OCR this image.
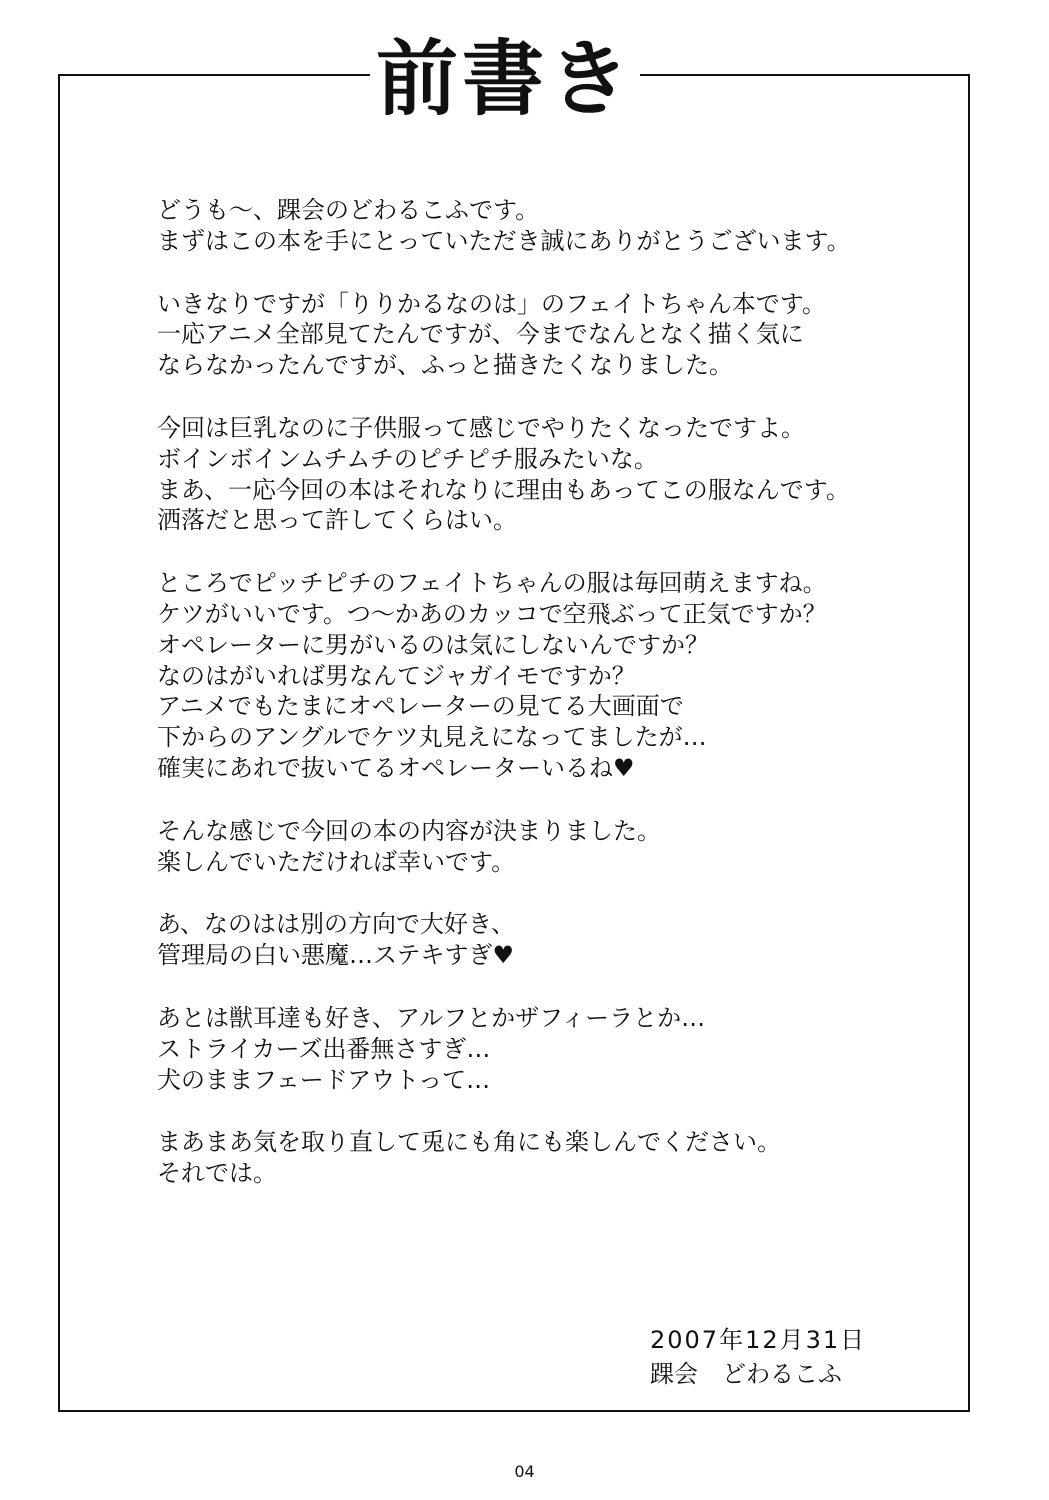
前書き
どうも〜、踝会のどわるこふです。
まずはこの本を手にとっていただき誠にありがとうございます。
いきなりですが「りりかるなのは」のフェイトちゃん本です。
一応アニメ全部見てたんですが、今までなんとなく描く気に
ならなかったんですが、ふっと描きたくなりました。
今回は巨乳なのに子供服って感じでやりたくなったですよ。
ボインボインムチムチのピチピチ服みたいな。
まあ、一応今回の本はそれなりに理由もあってこの服なんです。
洒落だと思って許してくらはい。
ところでピッチピチのフェイトちゃんの服は毎回萌えますね。
ケツがいいです。つ〜かあのカッコで空飛ぶって正気ですか？
オペレーターに男がいるのは気にしないんですか？
なのはがいれば男なんてジャガイモですか？
アニメでもたまにオペレーターの見てる大画面で
下からのアングルでケツ丸見えになってましたが…
確実にあれで抜いてるオペレーターいるね♥
そんな感じで今回の本の内容が決まりました。
楽しんでいただければ幸いです。
あ、なのはは別の方向で大好き、
管理局の白い悪魔…ステキすぎ♥
あとは獣耳達も好き、アルフとかザフィーラとか…
ストライカーズ出番無さすぎ…
犬のままフェードアウトって…
まあまあ気を取り直して兎にも角にも楽しんでください。
それでは。
2007年12月31日
踝会　どわるこふ
04
